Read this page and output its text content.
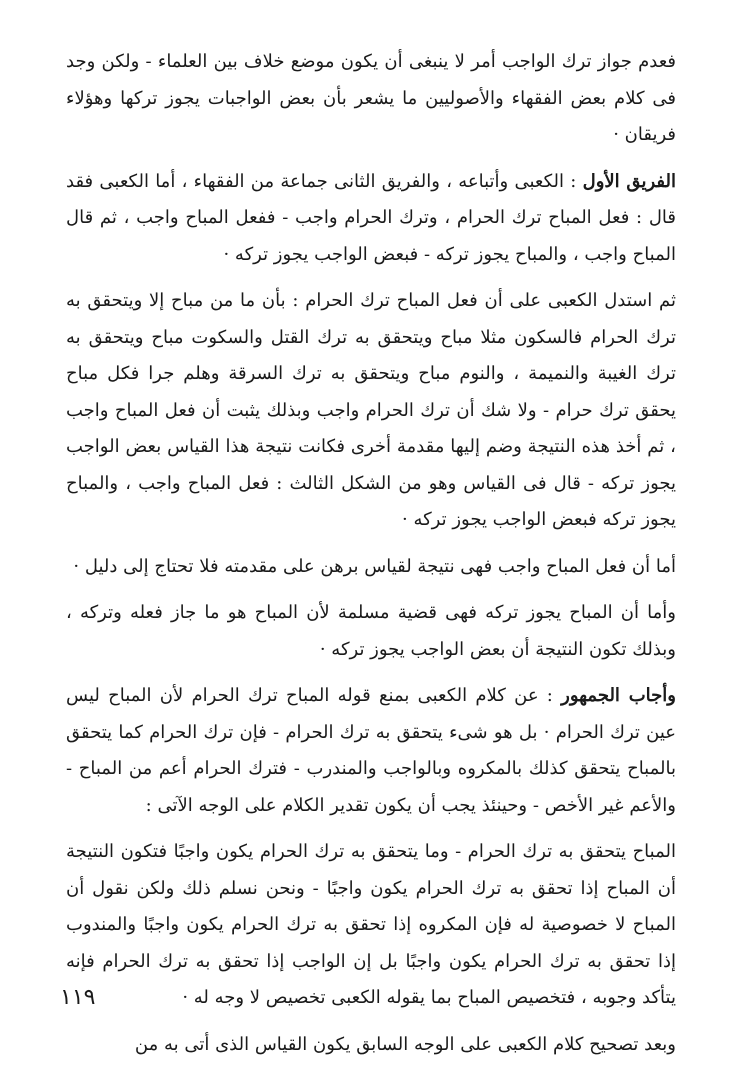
فعدم جواز ترك الواجب أمر لا ينبغى أن يكون موضع خلاف بين العلماء - ولكن وجد فى كلام بعض الفقهاء والأصوليين ما يشعر بأن بعض الواجبات يجوز تركها وهؤلاء فريقان ·

الفريق الأول : الكعبى وأتباعه ، والفريق الثانى جماعة من الفقهاء ، أما الكعبى فقد قال : فعل المباح ترك الحرام ، وترك الحرام واجب - ففعل المباح واجب ، ثم قال المباح واجب ، والمباح يجوز تركه - فبعض الواجب يجوز تركه ·

ثم استدل الكعبى على أن فعل المباح ترك الحرام : بأن ما من مباح إلا ويتحقق به ترك الحرام فالسكون مثلا مباح ويتحقق به ترك القتل والسكوت مباح ويتحقق به ترك الغيبة والنميمة ، والنوم مباح ويتحقق به ترك السرقة وهلم جرا فكل مباح يحقق ترك حرام - ولا شك أن ترك الحرام واجب وبذلك يثبت أن فعل المباح واجب ، ثم أخذ هذه النتيجة وضم إليها مقدمة أخرى فكانت نتيجة هذا القياس بعض الواجب يجوز تركه - قال فى القياس وهو من الشكل الثالث : فعل المباح واجب ، والمباح يجوز تركه فبعض الواجب يجوز تركه ·

أما أن فعل المباح واجب فهى نتيجة لقياس برهن على مقدمته فلا تحتاج إلى دليل ·

وأما أن المباح يجوز تركه فهى قضية مسلمة لأن المباح هو ما جاز فعله وتركه ، وبذلك تكون النتيجة أن بعض الواجب يجوز تركه ·

وأجاب الجمهور : عن كلام الكعبى بمنع قوله المباح ترك الحرام لأن المباح ليس عين ترك الحرام · بل هو شىء يتحقق به ترك الحرام - فإن ترك الحرام كما يتحقق بالمباح يتحقق كذلك بالمكروه وبالواجب والمندرب - فترك الحرام أعم من المباح - والأعم غير الأخص - وحينئذ يجب أن يكون تقدير الكلام على الوجه الآتى :

المباح يتحقق به ترك الحرام - وما يتحقق به ترك الحرام يكون واجبًا فتكون النتيجة أن المباح إذا تحقق به ترك الحرام يكون واجبًا - ونحن نسلم ذلك ولكن نقول أن المباح لا خصوصية له فإن المكروه إذا تحقق به ترك الحرام يكون واجبًا والمندوب إذا تحقق به ترك الحرام يكون واجبًا بل إن الواجب إذا تحقق به ترك الحرام فإنه يتأكد وجوبه ، فتخصيص المباح بما يقوله الكعبى تخصيص لا وجه له ·

وبعد تصحيح كلام الكعبى على الوجه السابق يكون القياس الذى أتى به من

١١٩
